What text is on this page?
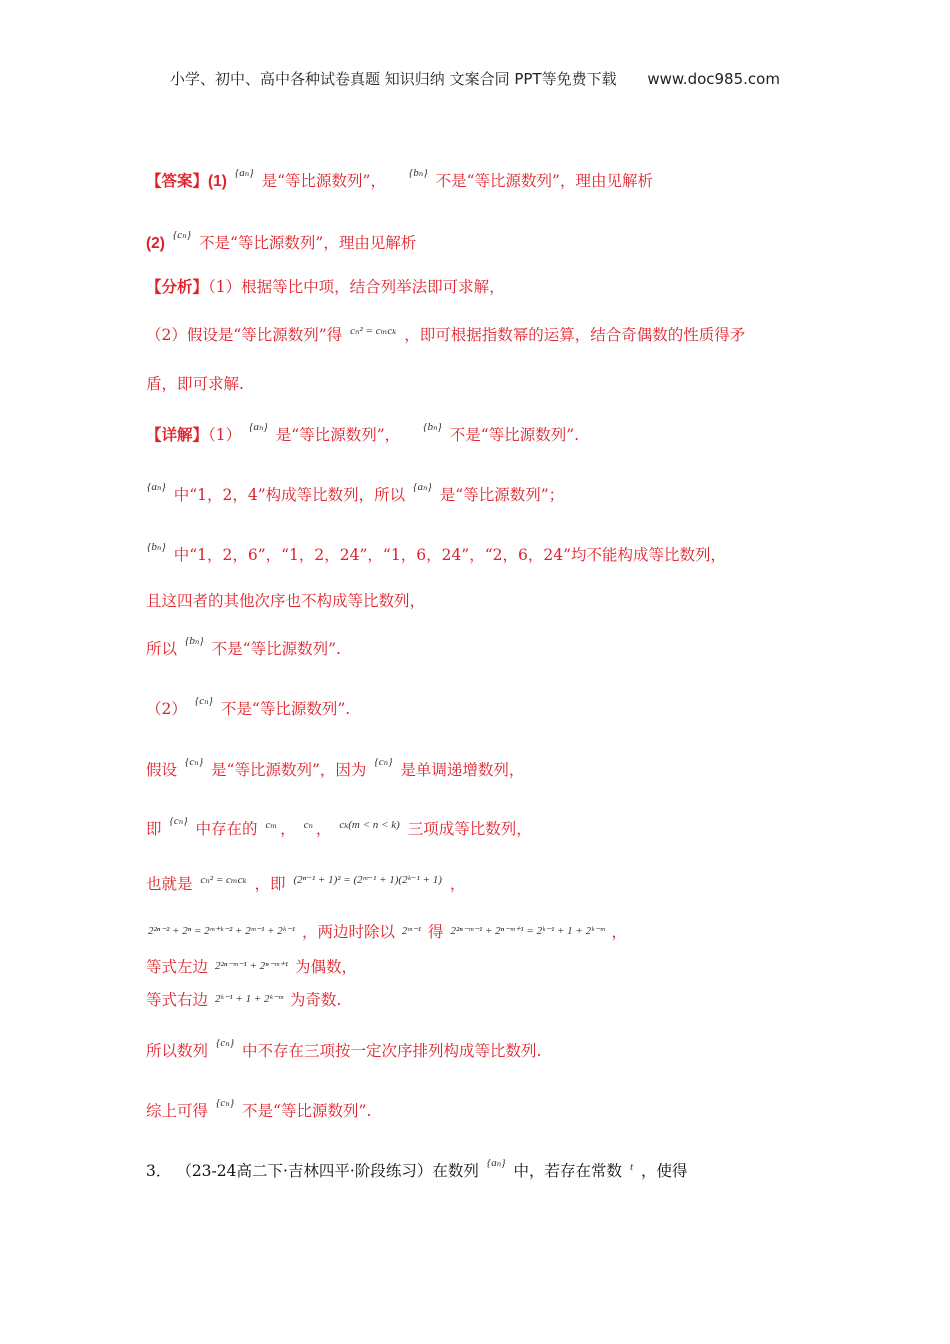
小学、初中、高中各种试卷真题 知识归纳 文案合同 PPT等免费下载 www.doc985.com
【答案】(1) {aₙ} 是“等比源数列”， {bₙ} 不是“等比源数列”，理由见解析
(2) {cₙ} 不是“等比源数列”，理由见解析
【分析】（1）根据等比中项，结合列举法即可求解，
（2）假设是“等比源数列”得 cₙ² = cₘcₖ ，即可根据指数幂的运算，结合奇偶数的性质得矛
盾，即可求解.
【详解】（1） {aₙ} 是“等比源数列”， {bₙ} 不是“等比源数列”.
{aₙ} 中“1，2，4”构成等比数列，所以 {aₙ} 是“等比源数列”；
{bₙ} 中“1，2，6”，“1，2，24”，“1，6，24”，“2，6，24”均不能构成等比数列，
且这四者的其他次序也不构成等比数列，
所以 {bₙ} 不是“等比源数列”.
（2） {cₙ} 不是“等比源数列”.
假设 {cₙ} 是“等比源数列”，因为 {cₙ} 是单调递增数列，
即 {cₙ} 中存在的 cₘ ， cₙ ， cₖ(m < n < k) 三项成等比数列，
也就是 cₙ² = cₘcₖ ，即 (2ⁿ⁻¹ + 1)² = (2ᵐ⁻¹ + 1)(2ᵏ⁻¹ + 1) ，
2²ⁿ⁻² + 2ⁿ = 2ᵐ⁺ᵏ⁻² + 2ᵐ⁻¹ + 2ᵏ⁻¹ ，两边时除以 2ᵐ⁻¹ 得 2²ⁿ⁻ᵐ⁻¹ + 2ⁿ⁻ᵐ⁺¹ = 2ᵏ⁻¹ + 1 + 2ᵏ⁻ᵐ ，
等式左边 2²ⁿ⁻ᵐ⁻¹ + 2ⁿ⁻ᵐ⁺¹ 为偶数，
等式右边 2ᵏ⁻¹ + 1 + 2ᵏ⁻ᵐ 为奇数.
所以数列 {cₙ} 中不存在三项按一定次序排列构成等比数列.
综上可得 {cₙ} 不是“等比源数列”.
3． （23-24高二下·吉林四平·阶段练习）在数列 {aₙ} 中，若存在常数 t ，使得
